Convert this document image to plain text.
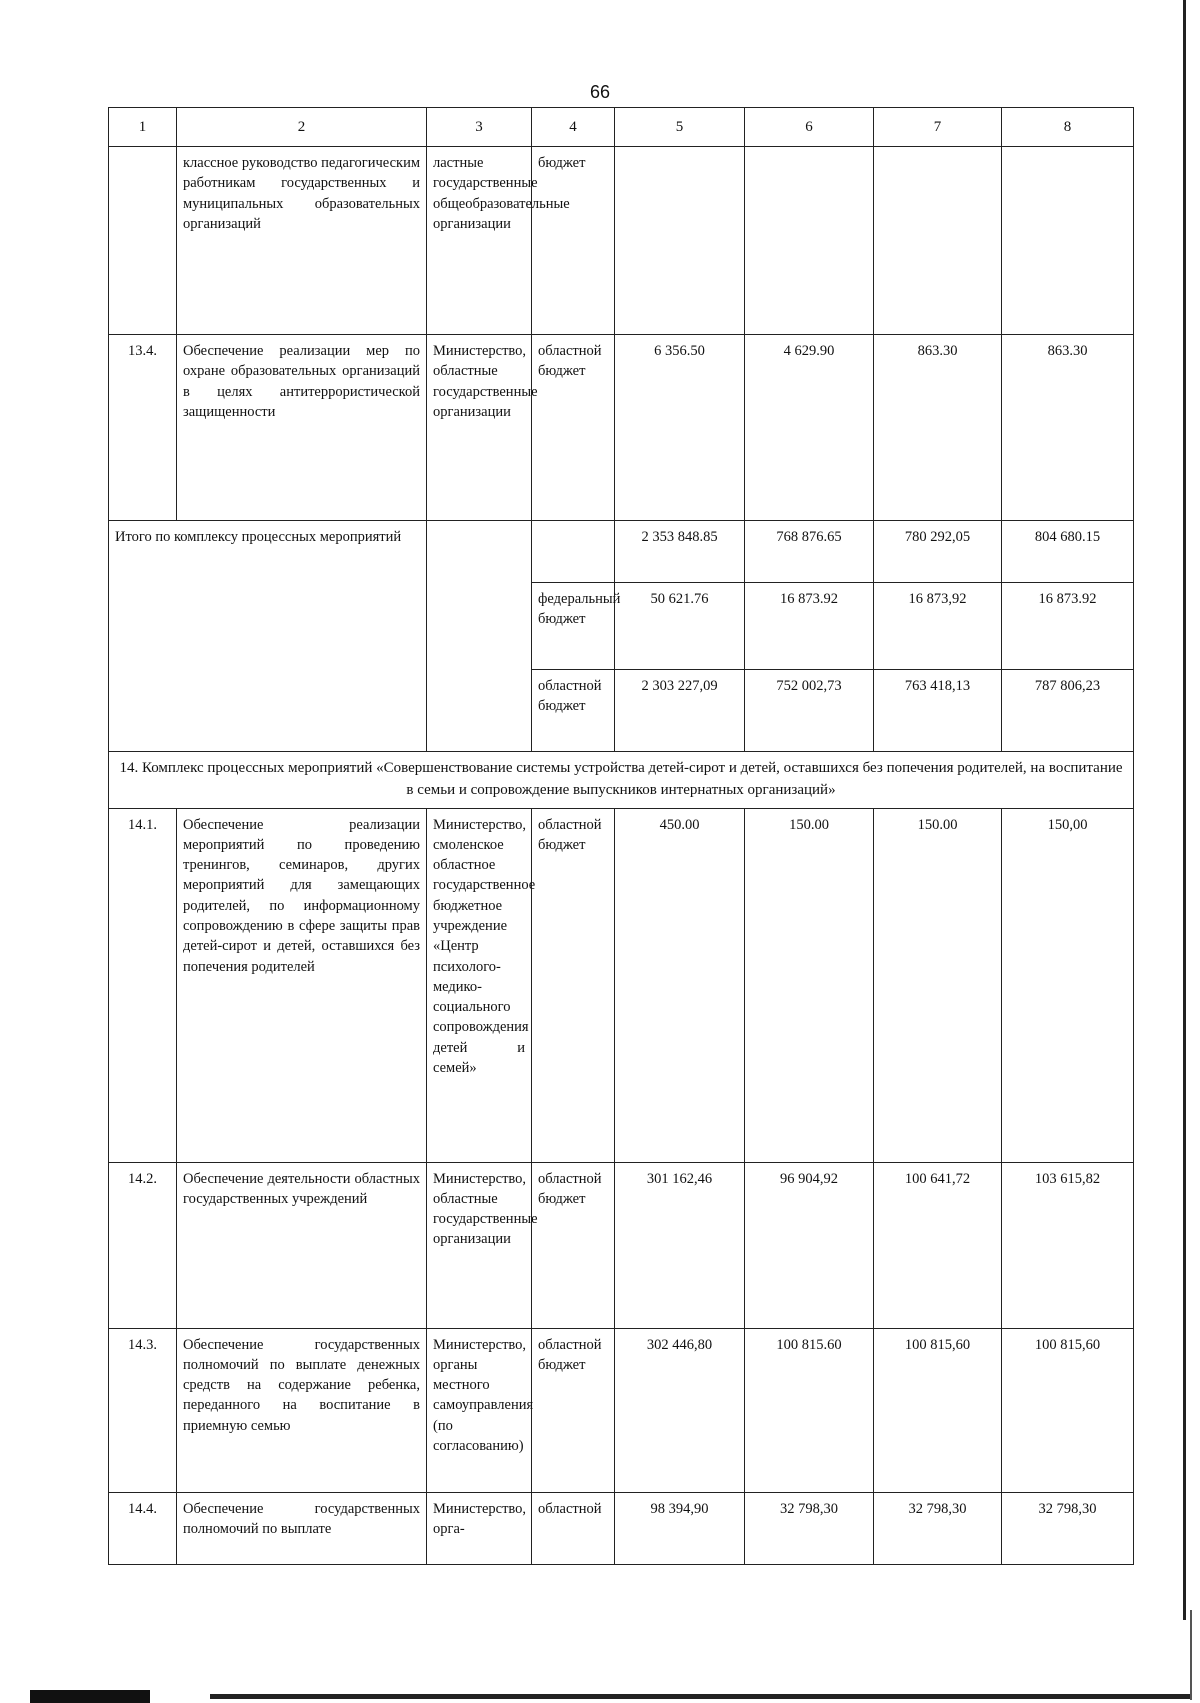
66
1	2	3	4	5	6	7	8
	классное руководство педагогическим работникам государственных и муниципальных образовательных организаций	ластные государственные общеобразовательные организации	бюджет				
13.4.	Обеспечение реализации мер по охране образовательных организаций в целях антитеррористической защищенности	Министерство, областные государственные организации	областной бюджет	6 356.50	4 629.90	863.30	863.30
Итого по комплексу процессных мероприятий				2 353 848.85	768 876.65	780 292,05	804 680.15
			федеральный бюджет	50 621.76	16 873.92	16 873,92	16 873.92
			областной бюджет	2 303 227,09	752 002,73	763 418,13	787 806,23
14. Комплекс процессных мероприятий «Совершенствование системы устройства детей-сирот и детей, оставшихся без попечения родителей, на воспитание в семьи и сопровождение выпускников интернатных организаций»							
14.1.	Обеспечение реализации мероприятий по проведению тренингов, семинаров, других мероприятий для замещающих родителей, по информационному сопровождению в сфере защиты прав детей-сирот и детей, оставшихся без попечения родителей	Министерство, смоленское областное государственное бюджетное учреждение «Центр психолого-медико-социального сопровождения детей и семей»	областной бюджет	450.00	150.00	150.00	150,00
14.2.	Обеспечение деятельности областных государственных учреждений	Министерство, областные государственные организации	областной бюджет	301 162,46	96 904,92	100 641,72	103 615,82
14.3.	Обеспечение государственных полномочий по выплате денежных средств на содержание ребенка, переданного на воспитание в приемную семью	Министерство, органы местного самоуправления (по согласованию)	областной бюджет	302 446,80	100 815.60	100 815,60	100 815,60
14.4.	Обеспечение государственных полномочий по выплате	Министерство, орга-	областной	98 394,90	32 798,30	32 798,30	32 798,30
